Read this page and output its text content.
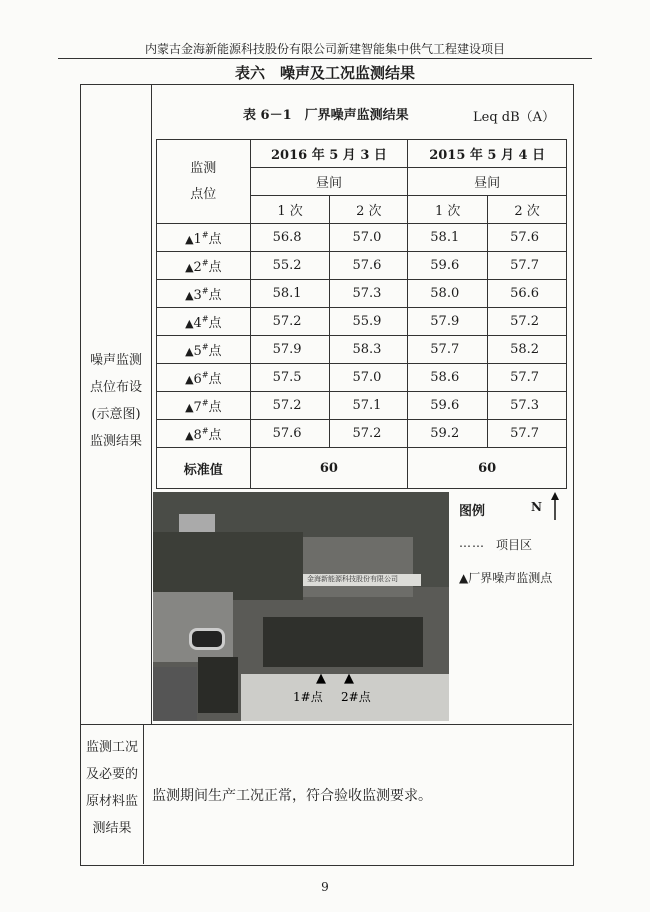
内蒙古金海新能源科技股份有限公司新建智能集中供气工程建设项目
表六　噪声及工况监测结果
噪声监测
点位布设
(示意图)
监测结果
表 6－1　厂界噪声监测结果	Leq dB（A）
监测
点位	2016 年 5 月 3 日		2015 年 5 月 4 日	
	昼间		昼间	
	1 次	2 次	1 次	2 次
▲1#点	56.8	57.0	58.1	57.6
▲2#点	55.2	57.6	59.6	57.7
▲3#点	58.1	57.3	58.0	56.6
▲4#点	57.2	55.9	57.9	57.2
▲5#点	57.9	58.3	57.7	58.2
▲6#点	57.5	57.0	58.6	57.7
▲7#点	57.2	57.1	59.6	57.3
▲8#点	57.6	57.2	59.2	57.7
标准值	60		60	
金海新能源科技股份有限公司
▲ ▲
1#点 2#点
图例	N
…… 项目区
▲厂界噪声监测点
监测工况
及必要的
原材料监
测结果
监测期间生产工况正常，符合验收监测要求。
9
